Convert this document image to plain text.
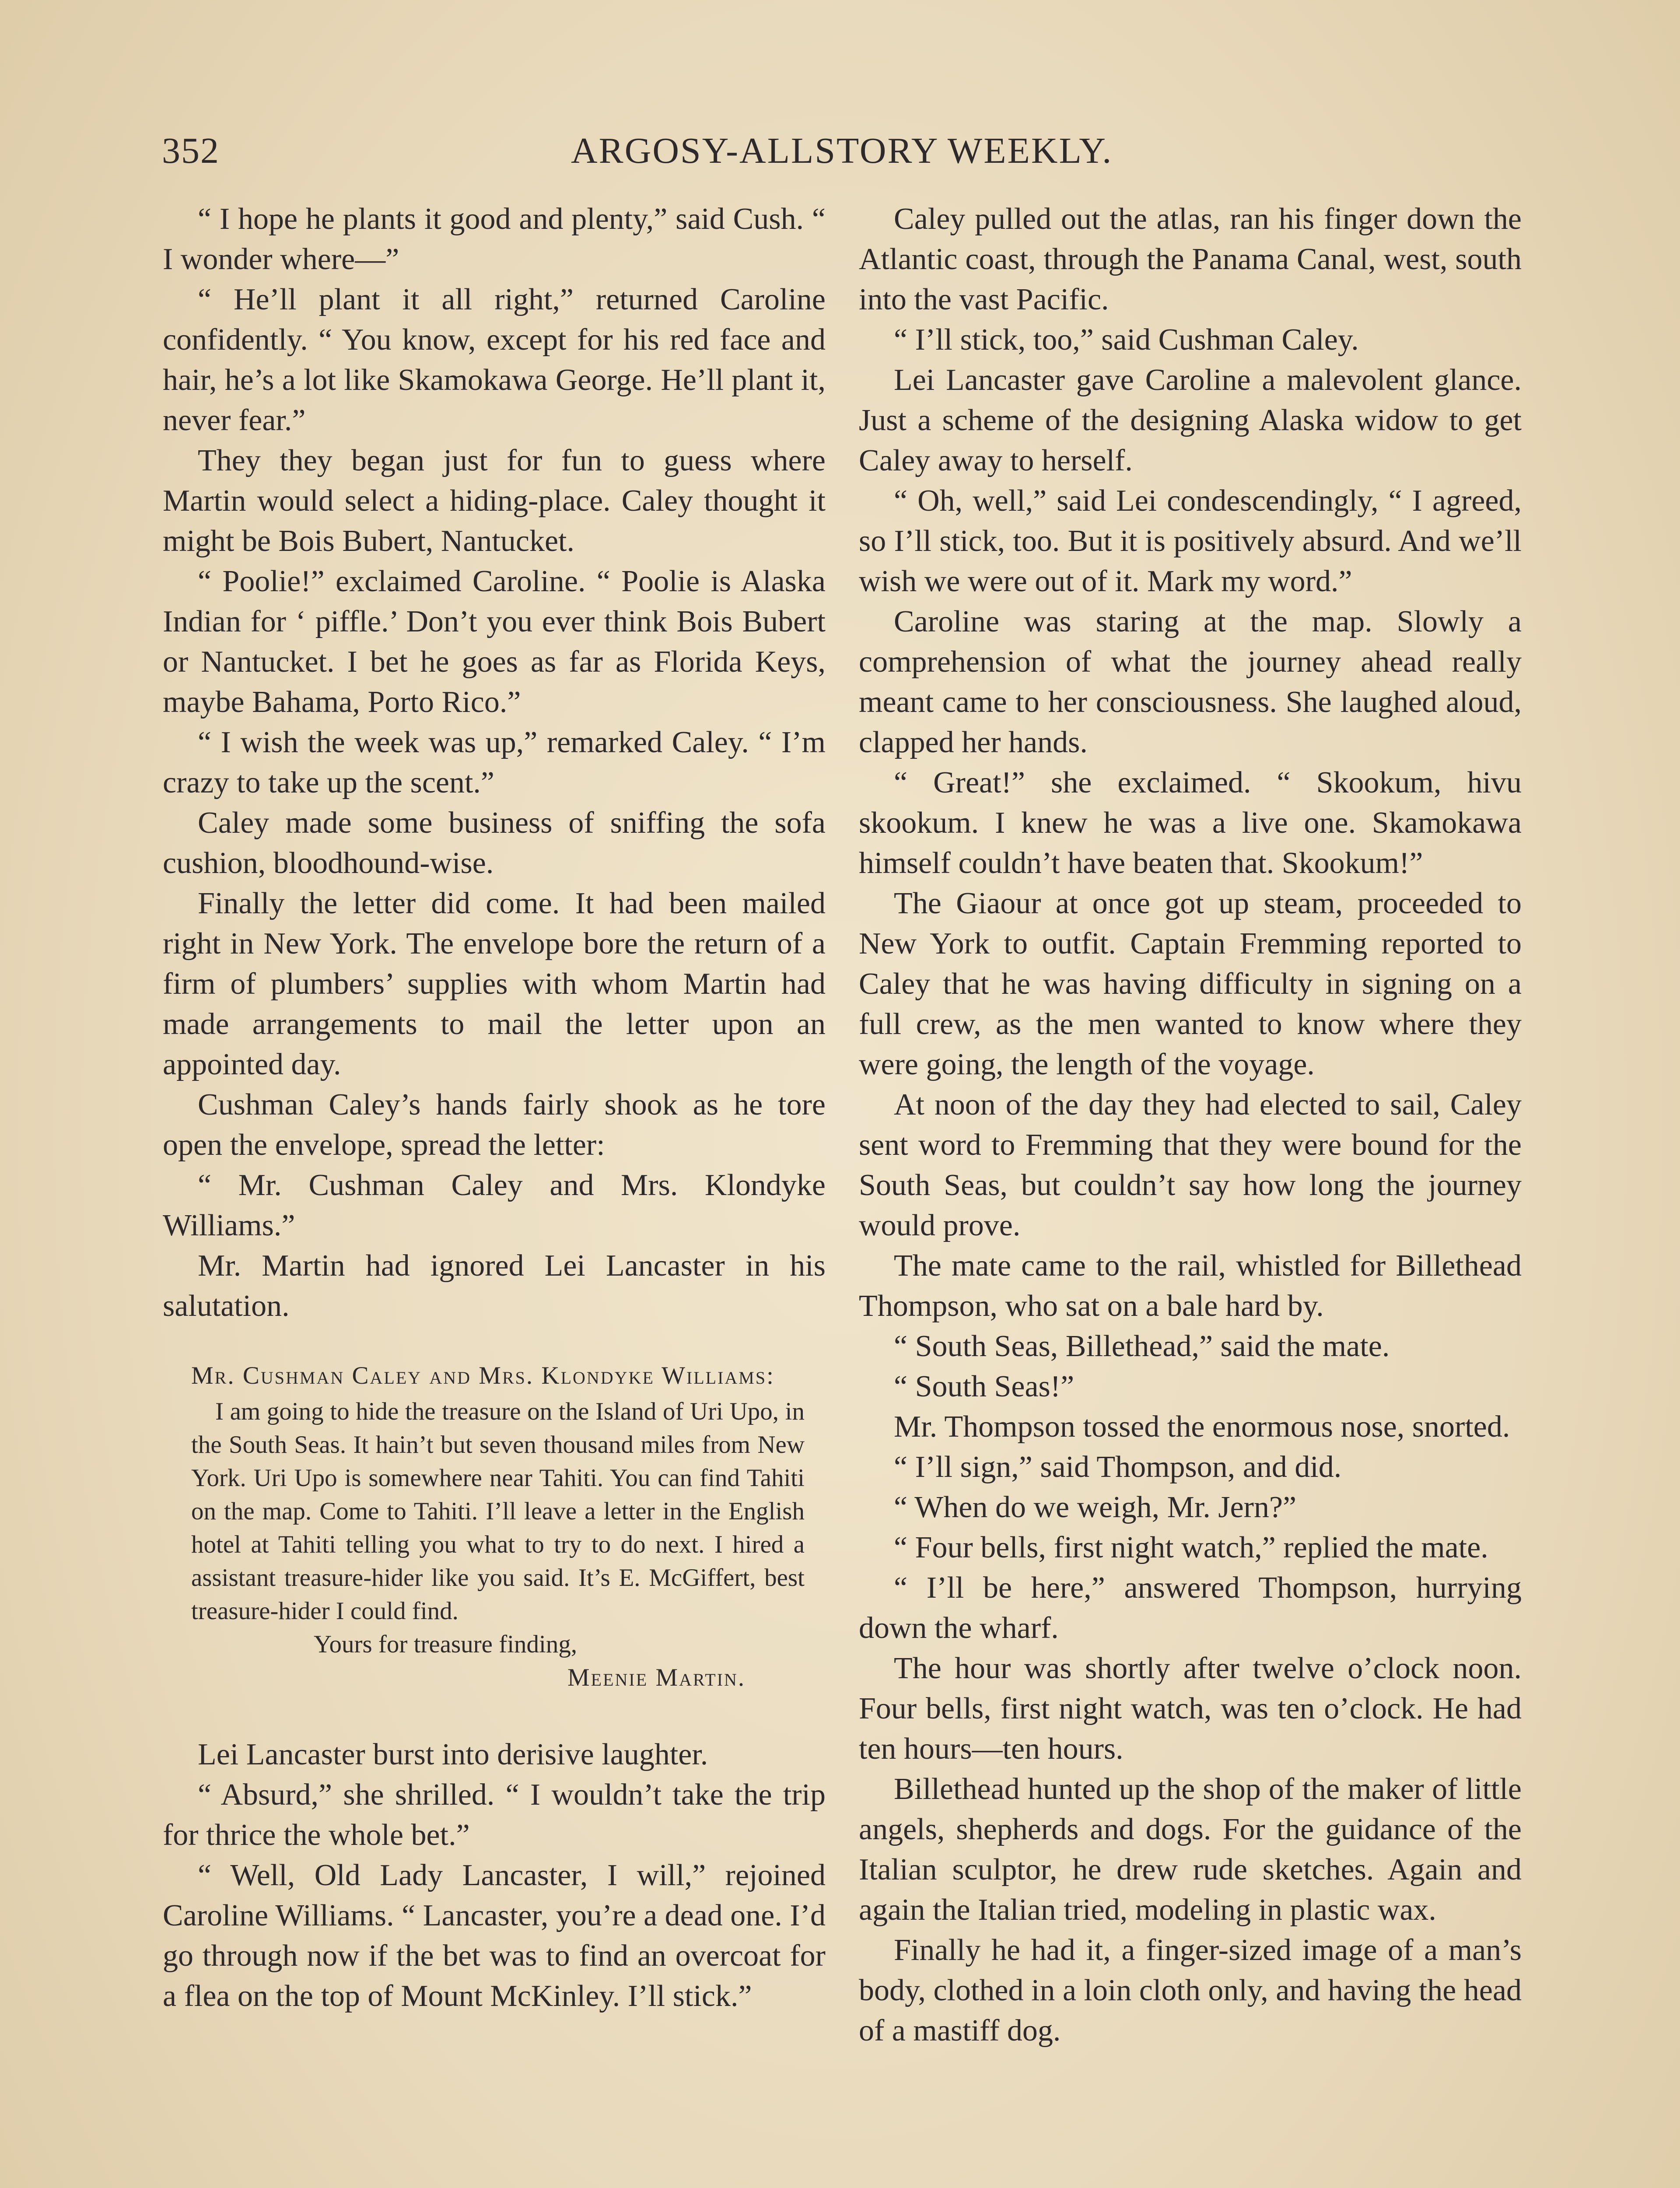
352	ARGOSY-ALLSTORY WEEKLY.

“ I hope he plants it good and plenty,” said Cush. “ I wonder where—”

“ He’ll plant it all right,” returned Caroline confidently. “ You know, except for his red face and hair, he’s a lot like Skamokawa George. He’ll plant it, never fear.”

They they began just for fun to guess where Martin would select a hiding-place. Caley thought it might be Bois Bubert, Nantucket.

“ Poolie!” exclaimed Caroline. “ Poolie is Alaska Indian for ‘ piffle.’ Don’t you ever think Bois Bubert or Nantucket. I bet he goes as far as Florida Keys, maybe Bahama, Porto Rico.”

“ I wish the week was up,” remarked Caley. “ I’m crazy to take up the scent.”

Caley made some business of sniffing the sofa cushion, bloodhound-wise.

Finally the letter did come. It had been mailed right in New York. The envelope bore the return of a firm of plumbers’ supplies with whom Martin had made arrangements to mail the letter upon an appointed day.

Cushman Caley’s hands fairly shook as he tore open the envelope, spread the letter:

“ Mr. Cushman Caley and Mrs. Klondyke Williams.”

Mr. Martin had ignored Lei Lancaster in his salutation.

Mr. Cushman Caley and Mrs. Klondyke Williams:

I am going to hide the treasure on the Island of Uri Upo, in the South Seas. It hain’t but seven thousand miles from New York. Uri Upo is somewhere near Tahiti. You can find Tahiti on the map. Come to Tahiti. I’ll leave a letter in the English hotel at Tahiti telling you what to try to do next. I hired a assistant treasure-hider like you said. It’s E. McGiffert, best treasure-hider I could find.

Yours for treasure finding,

Meenie Martin.

Lei Lancaster burst into derisive laughter.

“ Absurd,” she shrilled. “ I wouldn’t take the trip for thrice the whole bet.”

“ Well, Old Lady Lancaster, I will,” rejoined Caroline Williams. “ Lancaster, you’re a dead one. I’d go through now if the bet was to find an overcoat for a flea on the top of Mount McKinley. I’ll stick.”

Caley pulled out the atlas, ran his finger down the Atlantic coast, through the Panama Canal, west, south into the vast Pacific.

“ I’ll stick, too,” said Cushman Caley.

Lei Lancaster gave Caroline a malevolent glance. Just a scheme of the designing Alaska widow to get Caley away to herself.

“ Oh, well,” said Lei condescendingly, “ I agreed, so I’ll stick, too. But it is positively absurd. And we’ll wish we were out of it. Mark my word.”

Caroline was staring at the map. Slowly a comprehension of what the journey ahead really meant came to her consciousness. She laughed aloud, clapped her hands.

“ Great!” she exclaimed. “ Skookum, hivu skookum. I knew he was a live one. Skamokawa himself couldn’t have beaten that. Skookum!”

The Giaour at once got up steam, proceeded to New York to outfit. Captain Fremming reported to Caley that he was having difficulty in signing on a full crew, as the men wanted to know where they were going, the length of the voyage.

At noon of the day they had elected to sail, Caley sent word to Fremming that they were bound for the South Seas, but couldn’t say how long the journey would prove.

The mate came to the rail, whistled for Billethead Thompson, who sat on a bale hard by.

“ South Seas, Billethead,” said the mate.

“ South Seas!”

Mr. Thompson tossed the enormous nose, snorted.

“ I’ll sign,” said Thompson, and did.

“ When do we weigh, Mr. Jern?”

“ Four bells, first night watch,” replied the mate.

“ I’ll be here,” answered Thompson, hurrying down the wharf.

The hour was shortly after twelve o’clock noon. Four bells, first night watch, was ten o’clock. He had ten hours—ten hours.

Billethead hunted up the shop of the maker of little angels, shepherds and dogs. For the guidance of the Italian sculptor, he drew rude sketches. Again and again the Italian tried, modeling in plastic wax.

Finally he had it, a finger-sized image of a man’s body, clothed in a loin cloth only, and having the head of a mastiff dog.
